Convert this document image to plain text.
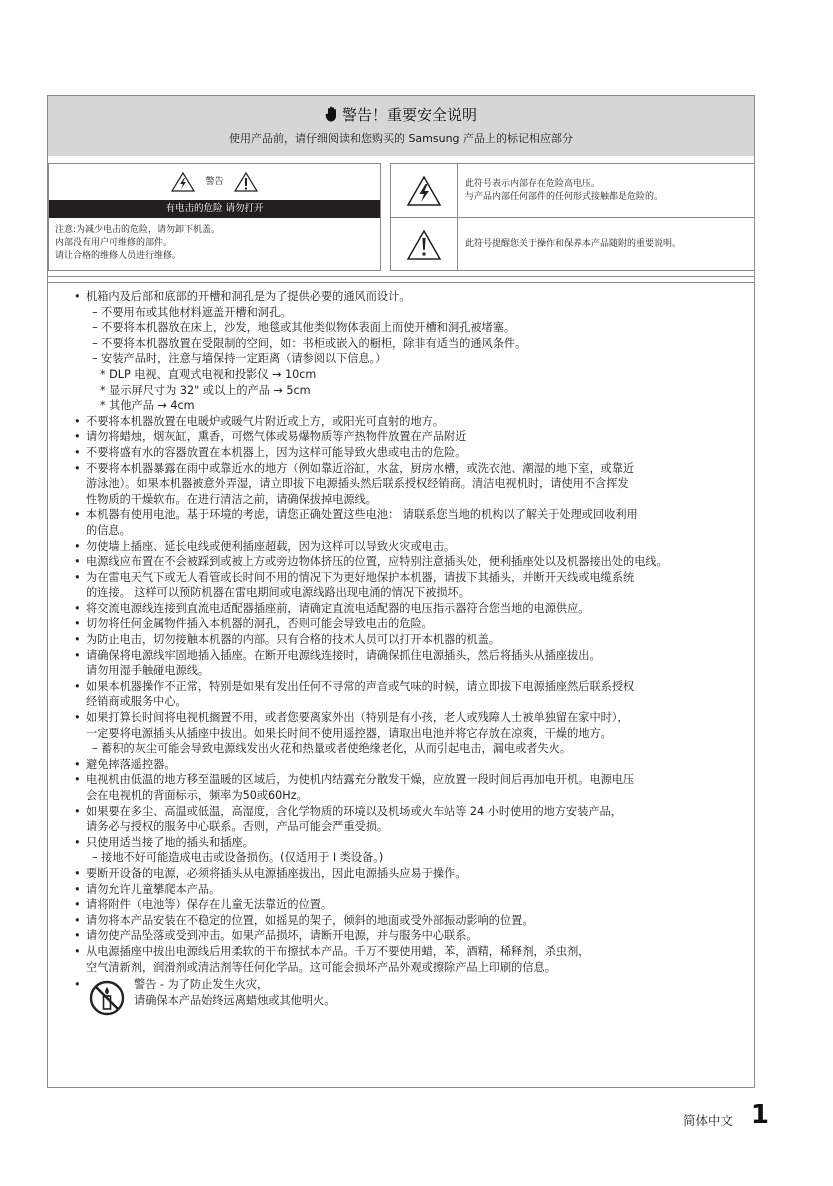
警告！重要安全说明
使用产品前，请仔细阅读和您购买的 Samsung 产品上的标记相应部分
警告
有电击的危险 请勿打开
注意:为减少电击的危险，请勿卸下机盖。
内部没有用户可维修的部件。
请让合格的维修人员进行维修。
此符号表示内部存在危险高电压。
与产品内部任何部件的任何形式接触都是危险的。
此符号提醒您关于操作和保养本产品随附的重要说明。
• 机箱内及后部和底部的开槽和洞孔是为了提供必要的通风而设计。
– 不要用布或其他材料遮盖开槽和洞孔。
– 不要将本机器放在床上，沙发，地毯或其他类似物体表面上而使开槽和洞孔被堵塞。
– 不要将本机器放置在受限制的空间，如：书柜或嵌入的橱柜，除非有适当的通风条件。
– 安装产品时，注意与墙保持一定距离（请参阅以下信息。）
* DLP 电视、直观式电视和投影仪 → 10cm
* 显示屏尺寸为 32" 或以上的产品 → 5cm
* 其他产品 → 4cm
• 不要将本机器放置在电暖炉或暖气片附近或上方，或阳光可直射的地方。
• 请勿将蜡烛，烟灰缸，熏香，可燃气体或易爆物质等产热物件放置在产品附近
• 不要将盛有水的容器放置在本机器上，因为这样可能导致火患或电击的危险。
• 不要将本机器暴露在雨中或靠近水的地方（例如靠近浴缸，水盆，厨房水槽，或洗衣池、潮湿的地下室，或靠近
游泳池）。如果本机器被意外弄湿，请立即拔下电源插头然后联系授权经销商。清洁电视机时，请使用不含挥发
性物质的干燥软布。在进行清洁之前，请确保拔掉电源线。
• 本机器有使用电池。基于环境的考虑，请您正确处置这些电池： 请联系您当地的机构以了解关于处理或回收利用
的信息。
• 勿使墙上插座、延长电线或便利插座超载，因为这样可以导致火灾或电击。
• 电源线应布置在不会被踩到或被上方或旁边物体挤压的位置，应特别注意插头处，便利插座处以及机器接出处的电线。
• 为在雷电天气下或无人看管或长时间不用的情况下为更好地保护本机器，请拔下其插头，并断开天线或电缆系统
的连接。 这样可以预防机器在雷电期间或电源线路出现电涌的情况下被损坏。
• 将交流电源线连接到直流电适配器插座前，请确定直流电适配器的电压指示器符合您当地的电源供应。
• 切勿将任何金属物件插入本机器的洞孔，否则可能会导致电击的危险。
• 为防止电击，切勿接触本机器的内部。只有合格的技术人员可以打开本机器的机盖。
• 请确保将电源线牢固地插入插座。在断开电源线连接时，请确保抓住电源插头，然后将插头从插座拔出。
请勿用湿手触碰电源线。
• 如果本机器操作不正常，特别是如果有发出任何不寻常的声音或气味的时候，请立即拔下电源插座然后联系授权
经销商或服务中心。
• 如果打算长时间将电视机搁置不用，或者您要离家外出（特别是有小孩，老人或残障人士被单独留在家中时），
一定要将电源插头从插座中拔出。如果长时间不使用遥控器，请取出电池并将它存放在凉爽，干燥的地方。
– 蓄积的灰尘可能会导致电源线发出火花和热量或者使绝缘老化，从而引起电击，漏电或者失火。
• 避免摔落遥控器。
• 电视机由低温的地方移至温暖的区域后，为使机内结露充分散发干燥，应放置一段时间后再加电开机。电源电压
会在电视机的背面标示，频率为50或60Hz。
• 如果要在多尘、高温或低温，高湿度，含化学物质的环境以及机场或火车站等 24 小时使用的地方安装产品，
请务必与授权的服务中心联系。否则，产品可能会严重受损。
• 只使用适当接了地的插头和插座。
– 接地不好可能造成电击或设备损伤。(仅适用于 I 类设备。)
• 要断开设备的电源，必须将插头从电源插座拔出，因此电源插头应易于操作。
• 请勿允许儿童攀爬本产品。
• 请将附件（电池等）保存在儿童无法靠近的位置。
• 请勿将本产品安装在不稳定的位置，如摇晃的架子，倾斜的地面或受外部振动影响的位置。
• 请勿使产品坠落或受到冲击。如果产品损坏，请断开电源，并与服务中心联系。
• 从电源插座中拔出电源线后用柔软的干布擦拭本产品。千万不要使用蜡，苯，酒精，稀释剂，杀虫剂，
空气清新剂，润滑剂或清洁剂等任何化学品。这可能会损坏产品外观或擦除产品上印刷的信息。
•	警告 - 为了防止发生火灾，
请确保本产品始终远离蜡烛或其他明火。
简体中文 1
